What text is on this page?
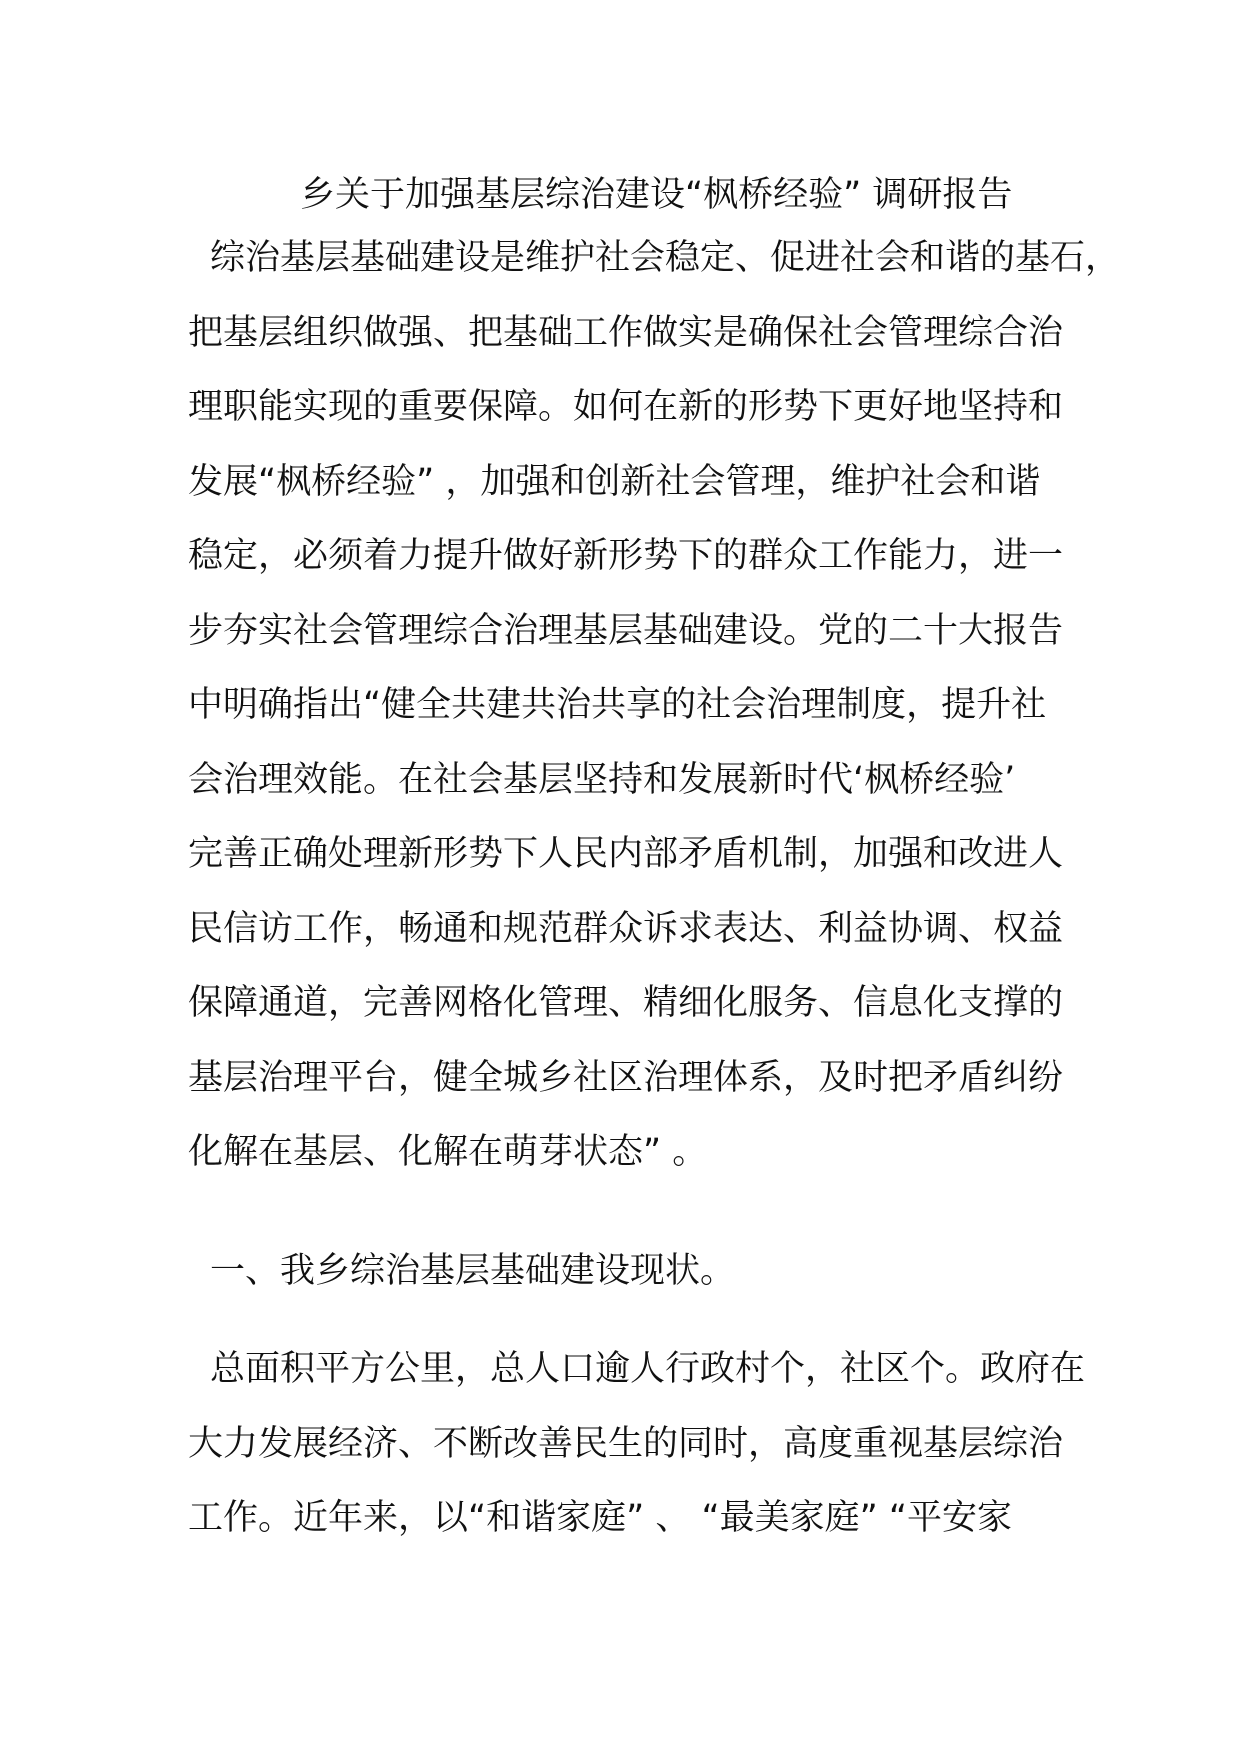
乡关于加强基层综治建设“枫桥经验” 调研报告
综治基层基础建设是维护社会稳定、促进社会和谐的基石，
把基层组织做强、把基础工作做实是确保社会管理综合治
理职能实现的重要保障。如何在新的形势下更好地坚持和
发展“枫桥经验” ，加强和创新社会管理，维护社会和谐
稳定，必须着力提升做好新形势下的群众工作能力，进一
步夯实社会管理综合治理基层基础建设。党的二十大报告
中明确指出“健全共建共治共享的社会治理制度，提升社
会治理效能。在社会基层坚持和发展新时代‘枫桥经验’
完善正确处理新形势下人民内部矛盾机制，加强和改进人
民信访工作，畅通和规范群众诉求表达、利益协调、权益
保障通道，完善网格化管理、精细化服务、信息化支撑的
基层治理平台，健全城乡社区治理体系，及时把矛盾纠纷
化解在基层、化解在萌芽状态” 。
一、我乡综治基层基础建设现状。
总面积平方公里，总人口逾人行政村个，社区个。政府在
大力发展经济、不断改善民生的同时，高度重视基层综治
工作。近年来，以“和谐家庭” 、 “最美家庭” “平安家
